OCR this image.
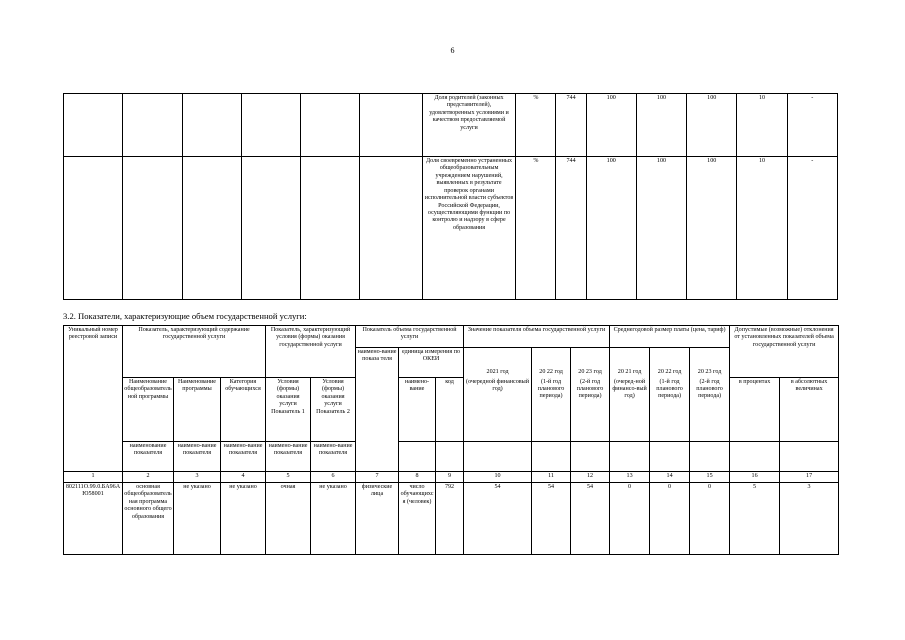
6
						Доля родителей (законных представителей), удовлетворенных условиями и качеством предоставляемой услуги	%	744	100	100	100	10	-
						Доля своевременно устраненных общеобразовательным учреждением нарушений, выявленных в результате проверок органами исполнительной власти субъектов Российской Федерации, осуществляющими функции по контролю и надзору в сфере образования	%	744	100	100	100	10	-
3.2. Показатели, характеризующие объем государственной услуги:
Уникальный номер реестровой записи	Показатель, характеризующий содержание государственной услуги			Показатель, характеризующий условия (формы) оказания государственной услуги		Показатель объема государственной услуги			Значение показателя объема государственной услуги			Среднегодовой размер платы (цена, тариф)			Допустимые (возможные) отклонения от установленных показателей объема государственной услуги	
						наимено-вание показа теля	единица измерения по ОКЕИ		2021 год	20 22 год	20 23 год	20 21 год	20 22 год	20 23 год		
	Наименование общеобразовательной программы	Наименование программы	Категория обучающихся	Условия (формы) оказания услуги Показатель 1	Условия (формы) оказания услуги Показатель 2		наимено-вание	код	(очередной финансовый год)	(1-й год планового периода)	(2-й год планового периода)	(очеред-ной финансо-вый год)	(1-й год планового периода)	(2-й год планового периода)	в процентах	в абсолютных величинах
	наименование показателя	наимено-вание показателя	наимено-вание показателя	наимено-вание показателя	наимено-вание показателя											
1	2	3	4	5	6	7	8	9	10	11	12	13	14	15	16	17
802111О.99.0.БА96АЮ58001	основная общеобразовательная программа основного общего образования	не указано	не указано	очная	не указано	физические лица	число обучающихся (человек)	792	54	54	54	0	0	0	5	3
